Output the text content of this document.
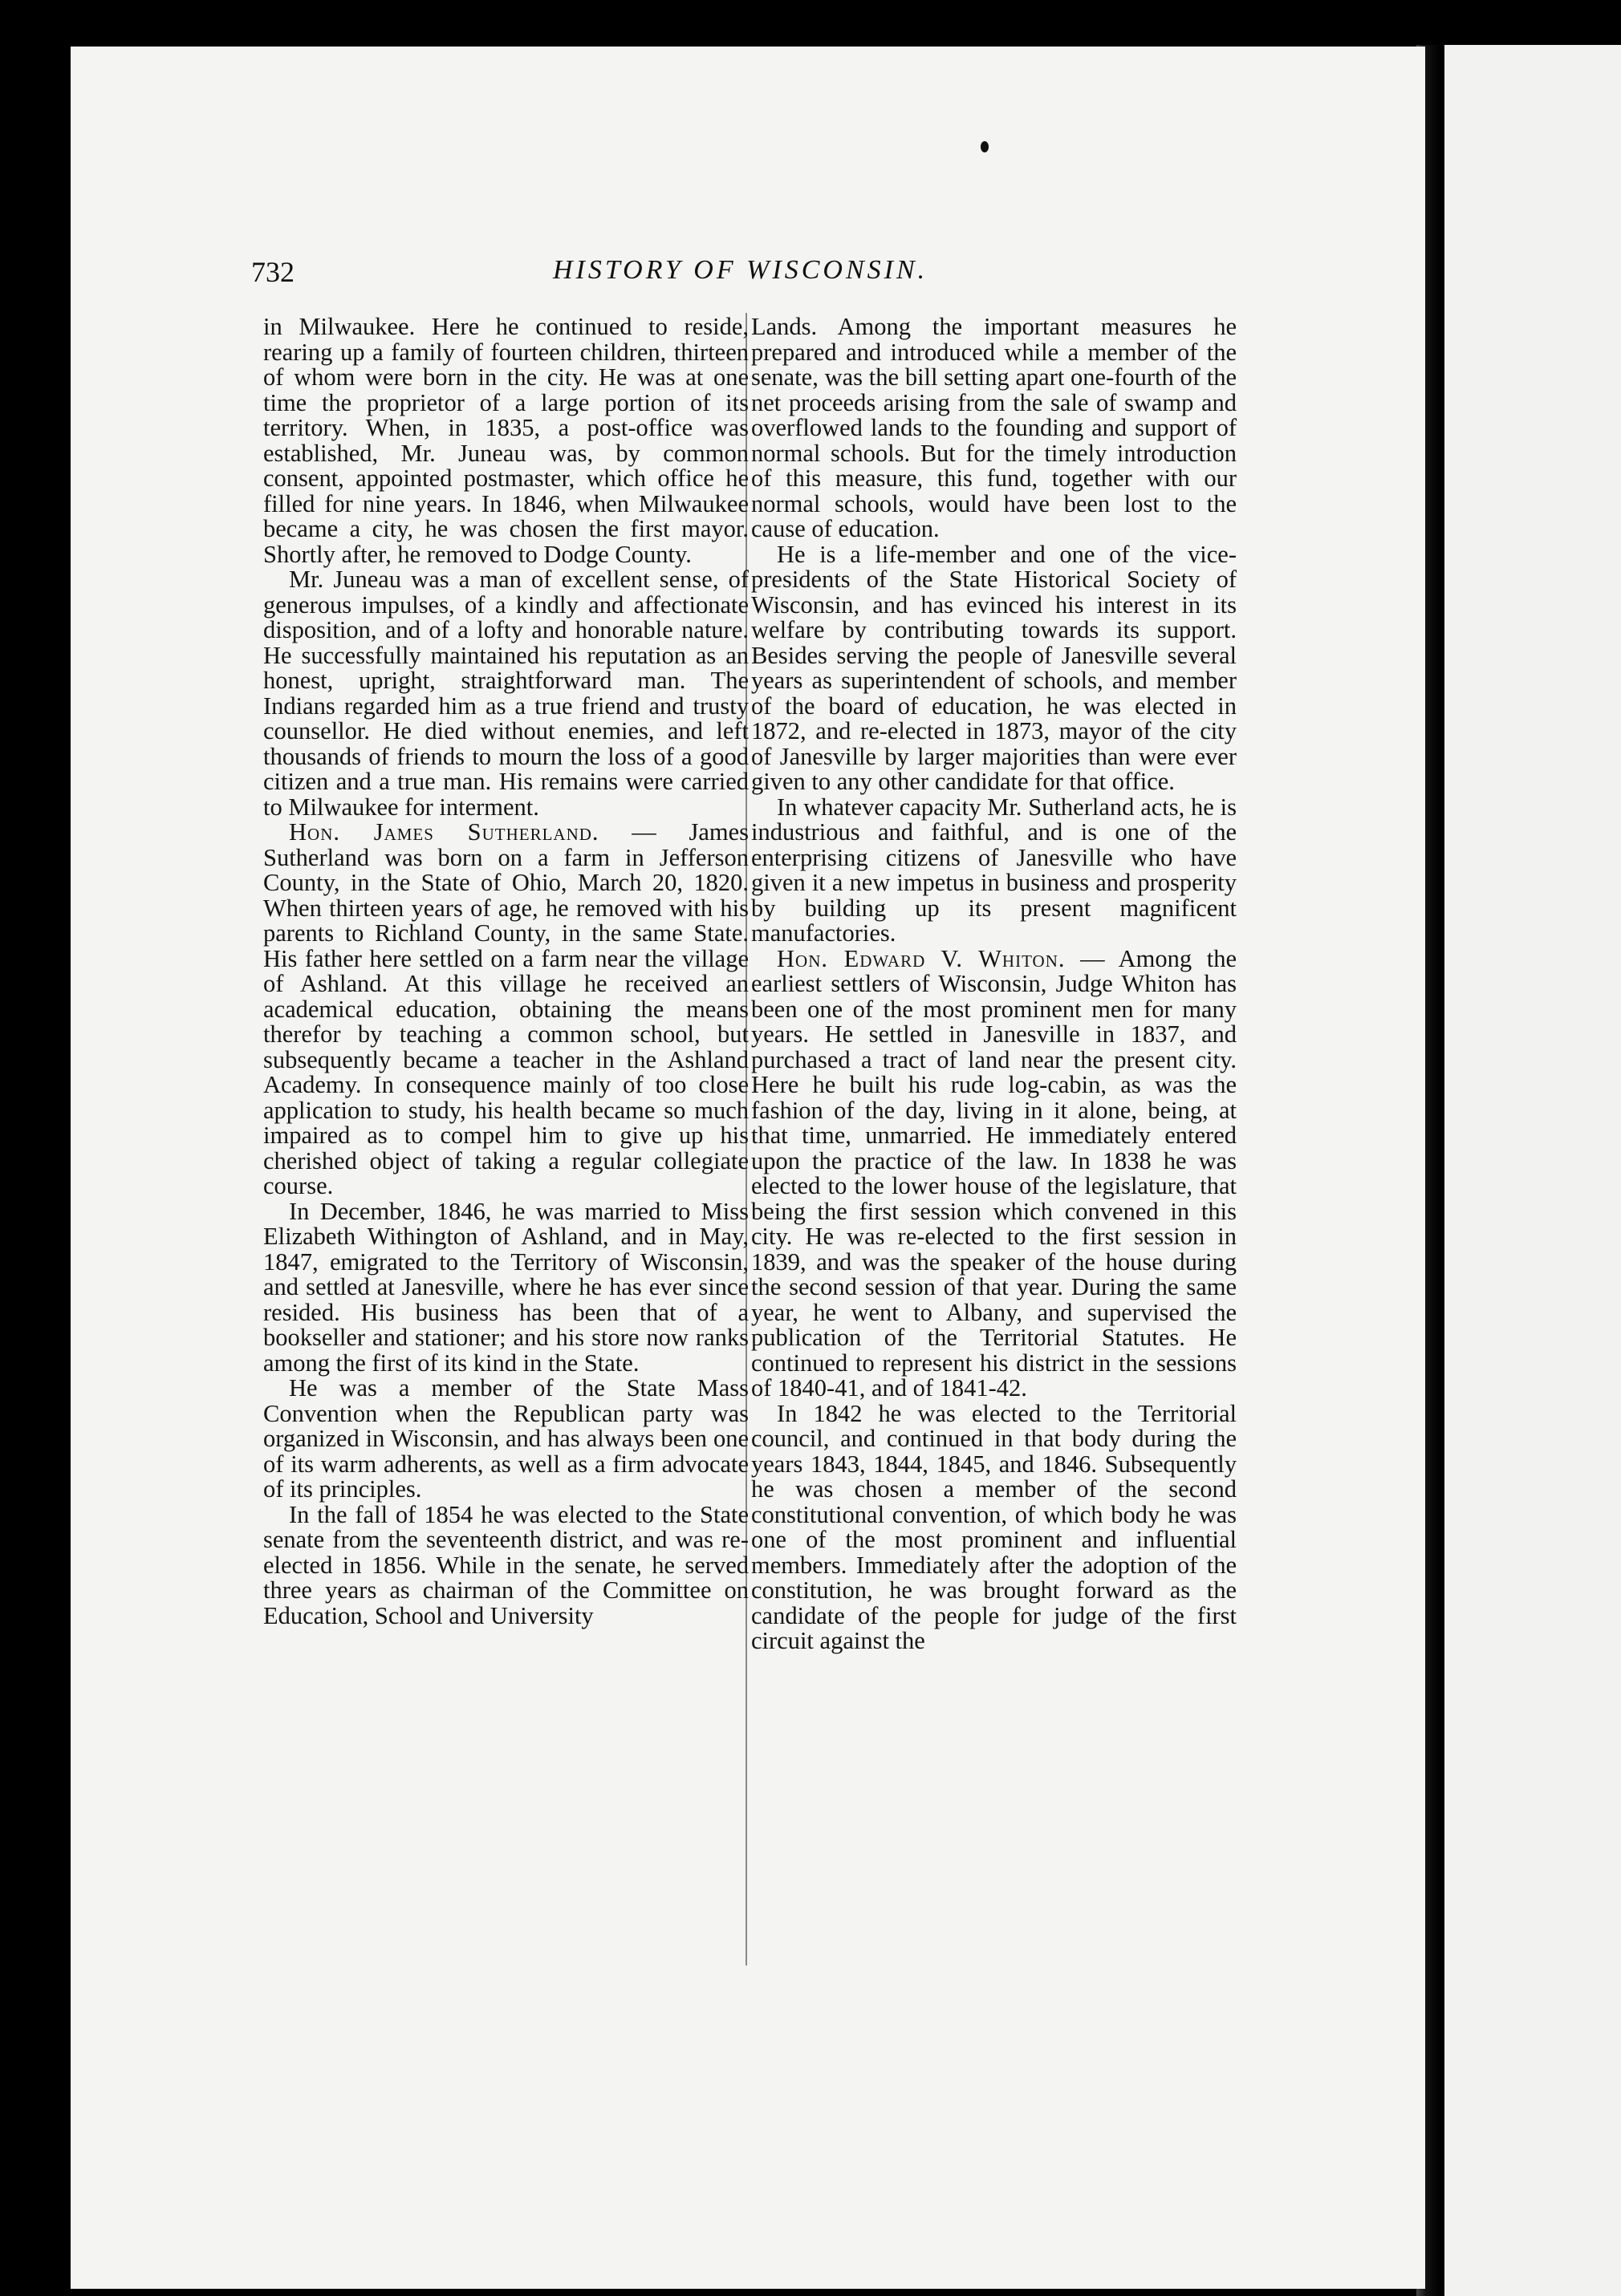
732	HISTORY OF WISCONSIN.

in Milwaukee. Here he continued to reside, rearing up a family of fourteen children, thirteen of whom were born in the city. He was at one time the proprietor of a large portion of its territory. When, in 1835, a post-office was established, Mr. Juneau was, by common consent, appointed postmaster, which office he filled for nine years. In 1846, when Milwaukee became a city, he was chosen the first mayor. Shortly after, he removed to Dodge County.

Mr. Juneau was a man of excellent sense, of generous impulses, of a kindly and affectionate disposition, and of a lofty and honorable nature. He successfully maintained his reputation as an honest, upright, straightforward man. The Indians regarded him as a true friend and trusty counsellor. He died without enemies, and left thousands of friends to mourn the loss of a good citizen and a true man. His remains were carried to Milwaukee for interment.

Hon. James Sutherland. — James Sutherland was born on a farm in Jefferson County, in the State of Ohio, March 20, 1820. When thirteen years of age, he removed with his parents to Richland County, in the same State. His father here settled on a farm near the village of Ashland. At this village he received an academical education, obtaining the means therefor by teaching a common school, but subsequently became a teacher in the Ashland Academy. In consequence mainly of too close application to study, his health became so much impaired as to compel him to give up his cherished object of taking a regular collegiate course.

In December, 1846, he was married to Miss Elizabeth Withington of Ashland, and in May, 1847, emigrated to the Territory of Wisconsin, and settled at Janesville, where he has ever since resided. His business has been that of a bookseller and stationer; and his store now ranks among the first of its kind in the State.

He was a member of the State Mass Convention when the Republican party was organized in Wisconsin, and has always been one of its warm adherents, as well as a firm advocate of its principles.

In the fall of 1854 he was elected to the State senate from the seventeenth district, and was re-elected in 1856. While in the senate, he served three years as chairman of the Committee on Education, School and University

Lands. Among the important measures he prepared and introduced while a member of the senate, was the bill setting apart one-fourth of the net proceeds arising from the sale of swamp and overflowed lands to the founding and support of normal schools. But for the timely introduction of this measure, this fund, together with our normal schools, would have been lost to the cause of education.

He is a life-member and one of the vice-presidents of the State Historical Society of Wisconsin, and has evinced his interest in its welfare by contributing towards its support. Besides serving the people of Janesville several years as superintendent of schools, and member of the board of education, he was elected in 1872, and re-elected in 1873, mayor of the city of Janesville by larger majorities than were ever given to any other candidate for that office.

In whatever capacity Mr. Sutherland acts, he is industrious and faithful, and is one of the enterprising citizens of Janesville who have given it a new impetus in business and prosperity by building up its present magnificent manufactories.

Hon. Edward V. Whiton. — Among the earliest settlers of Wisconsin, Judge Whiton has been one of the most prominent men for many years. He settled in Janesville in 1837, and purchased a tract of land near the present city. Here he built his rude log-cabin, as was the fashion of the day, living in it alone, being, at that time, unmarried. He immediately entered upon the practice of the law. In 1838 he was elected to the lower house of the legislature, that being the first session which convened in this city. He was re-elected to the first session in 1839, and was the speaker of the house during the second session of that year. During the same year, he went to Albany, and supervised the publication of the Territorial Statutes. He continued to represent his district in the sessions of 1840-41, and of 1841-42.

In 1842 he was elected to the Territorial council, and continued in that body during the years 1843, 1844, 1845, and 1846. Subsequently he was chosen a member of the second constitutional convention, of which body he was one of the most prominent and influential members. Immediately after the adoption of the constitution, he was brought forward as the candidate of the people for judge of the first circuit against the
